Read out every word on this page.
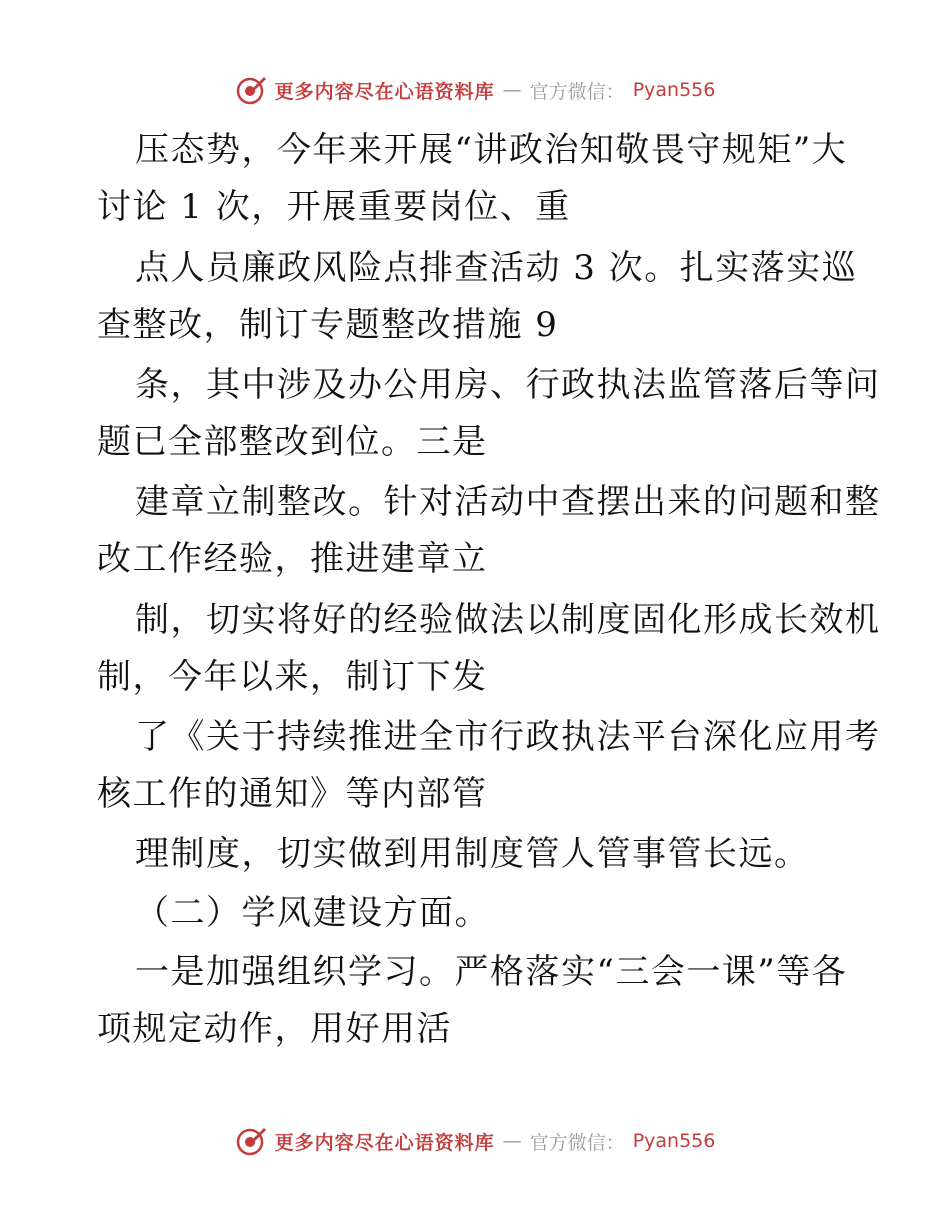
更多内容尽在心语资料库 — 官方微信： Pyan556
压态势，今年来开展“讲政治知敬畏守规矩”大
讨论 1 次，开展重要岗位、重
点人员廉政风险点排查活动 3 次。扎实落实巡
查整改，制订专题整改措施 9
条，其中涉及办公用房、行政执法监管落后等问
题已全部整改到位。三是
建章立制整改。针对活动中查摆出来的问题和整
改工作经验，推进建章立
制，切实将好的经验做法以制度固化形成长效机
制，今年以来，制订下发
了《关于持续推进全市行政执法平台深化应用考
核工作的通知》等内部管
理制度，切实做到用制度管人管事管长远。
（二）学风建设方面。
一是加强组织学习。严格落实“三会一课”等各
项规定动作，用好用活
更多内容尽在心语资料库 — 官方微信： Pyan556
